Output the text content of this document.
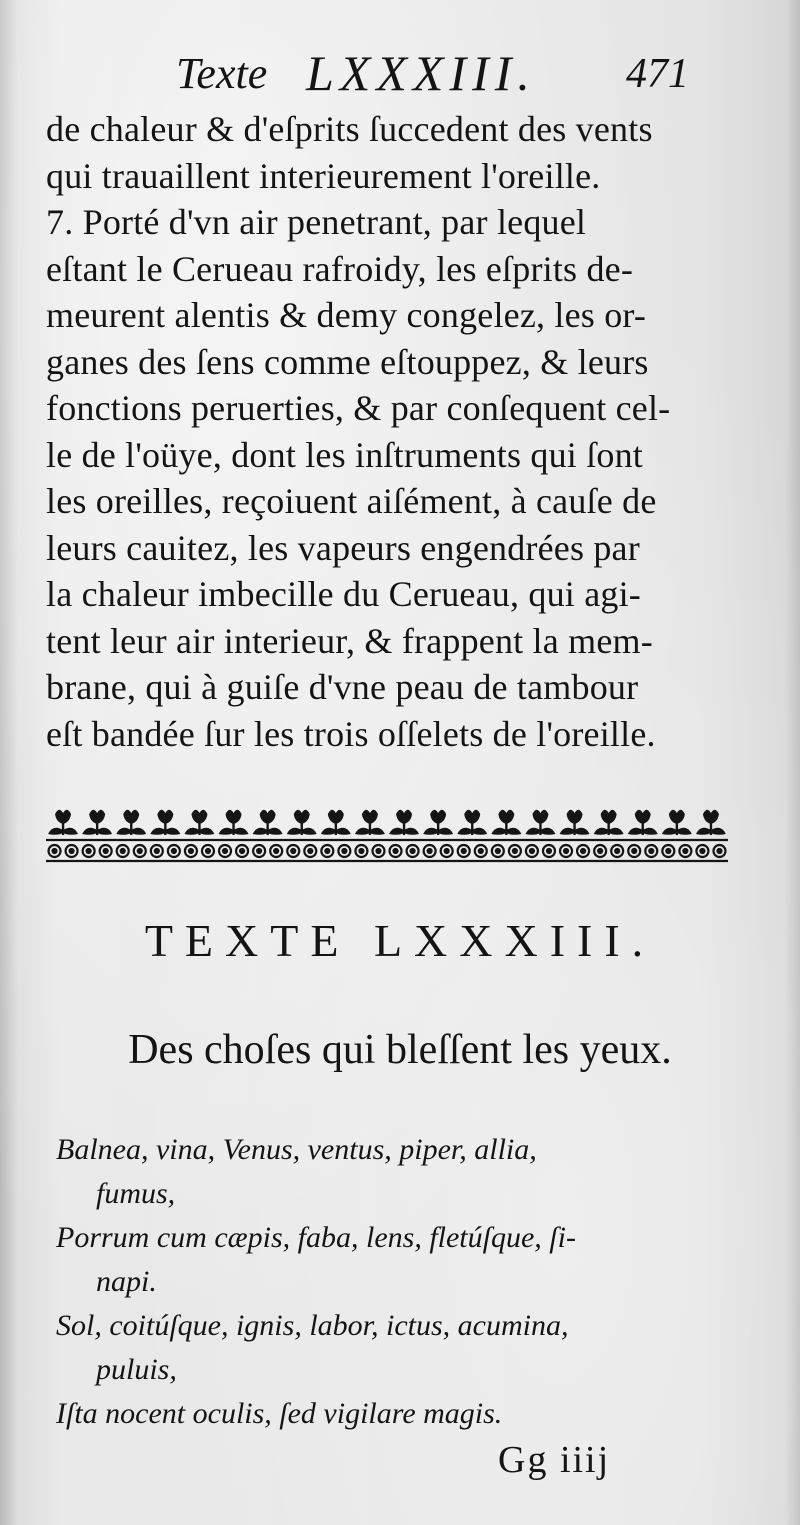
Texte LXXXIII. 471
de chaleur & d'eſprits ſuccedent des vents
qui trauaillent interieurement l'oreille.
7. Porté d'vn air penetrant, par lequel
eſtant le Cerueau rafroidy, les eſprits de-
meurent alentis & demy congelez, les or-
ganes des ſens comme eſtouppez, & leurs
fonctions peruerties, & par conſequent cel-
le de l'oüye, dont les inſtruments qui ſont
les oreilles, reçoiuent aiſément, à cauſe de
leurs cauitez, les vapeurs engendrées par
la chaleur imbecille du Cerueau, qui agi-
tent leur air interieur, & frappent la mem-
brane, qui à guiſe d'vne peau de tambour
eſt bandée ſur les trois oſſelets de l'oreille.
TEXTE LXXXIII.
Des choſes qui bleſſent les yeux.
Balnea, vina, Venus, ventus, piper, allia,
fumus,
Porrum cum cæpis, faba, lens, fletúſque, ſi-
napi.
Sol, coitúſque, ignis, labor, ictus, acumina,
puluis,
Iſta nocent oculis, ſed vigilare magis.
Gg iiij
